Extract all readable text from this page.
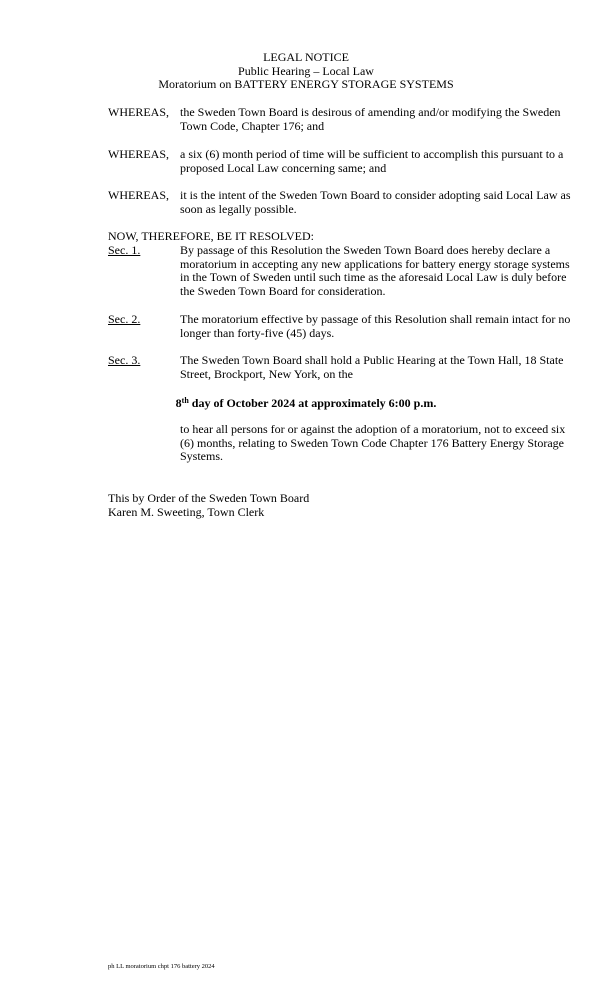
LEGAL NOTICE
Public Hearing – Local Law
Moratorium on BATTERY ENERGY STORAGE SYSTEMS
WHEREAS, the Sweden Town Board is desirous of amending and/or modifying the Sweden
Town Code, Chapter 176; and
WHEREAS, a six (6) month period of time will be sufficient to accomplish this pursuant to a
proposed Local Law concerning same; and
WHEREAS, it is the intent of the Sweden Town Board to consider adopting said Local Law as
soon as legally possible.
NOW, THEREFORE, BE IT RESOLVED:
Sec. 1.	By passage of this Resolution the Sweden Town Board does hereby declare a
moratorium in accepting any new applications for battery energy storage systems
in the Town of Sweden until such time as the aforesaid Local Law is duly before
the Sweden Town Board for consideration.
Sec. 2.	The moratorium effective by passage of this Resolution shall remain intact for no
longer than forty-five (45) days.
Sec. 3.	The Sweden Town Board shall hold a Public Hearing at the Town Hall, 18 State
Street, Brockport, New York, on the
8th day of October 2024 at approximately 6:00 p.m.
to hear all persons for or against the adoption of a moratorium, not to exceed six
(6) months, relating to Sweden Town Code Chapter 176 Battery Energy Storage
Systems.
This by Order of the Sweden Town Board
Karen M. Sweeting, Town Clerk
ph LL moratorium chpt 176 battery 2024
